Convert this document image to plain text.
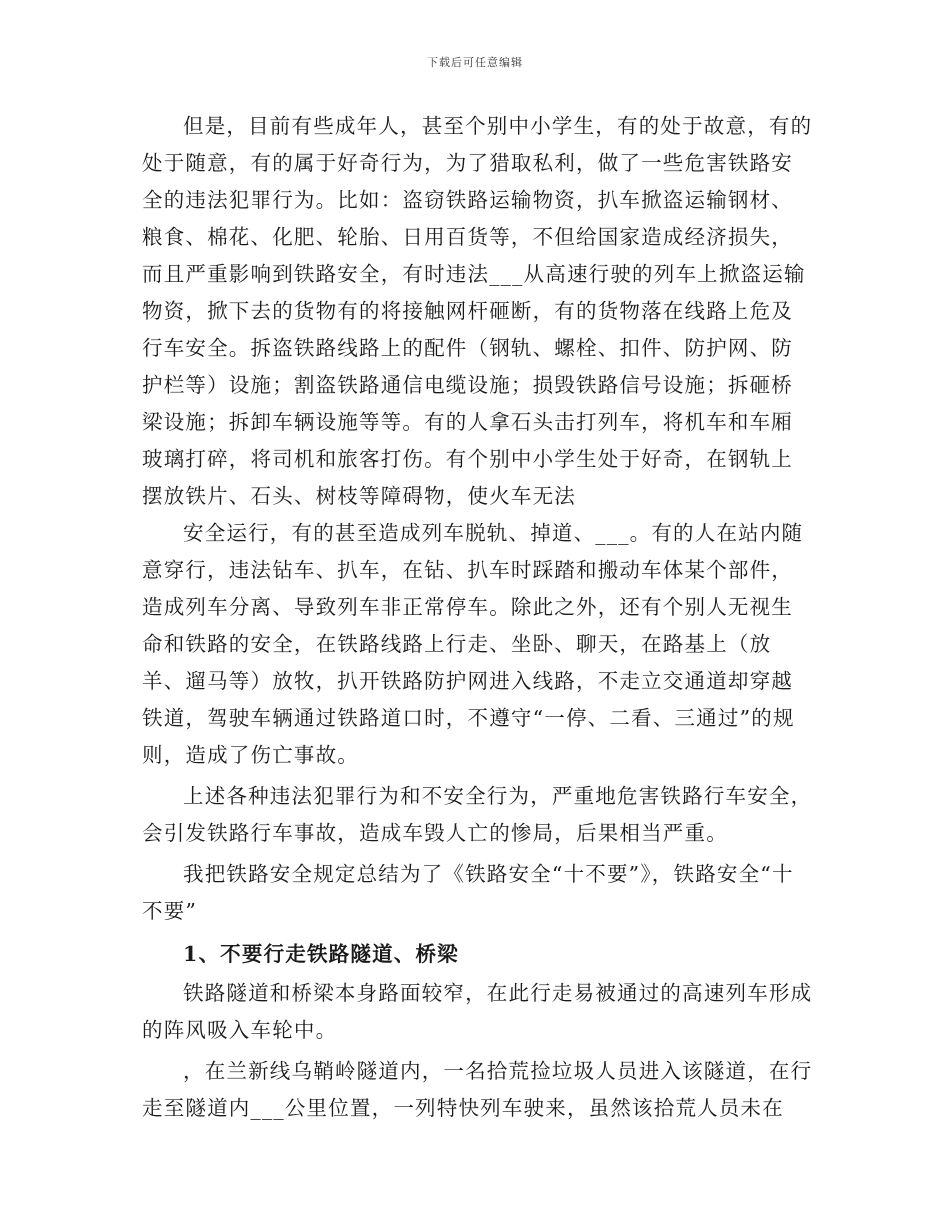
下载后可任意编辑

但是，目前有些成年人，甚至个别中小学生，有的处于故意，有的处于随意，有的属于好奇行为，为了猎取私利，做了一些危害铁路安全的违法犯罪行为。比如：盗窃铁路运输物资，扒车掀盗运输钢材、粮食、棉花、化肥、轮胎、日用百货等，不但给国家造成经济损失，而且严重影响到铁路安全，有时违法___从高速行驶的列车上掀盗运输物资，掀下去的货物有的将接触网杆砸断，有的货物落在线路上危及行车安全。拆盗铁路线路上的配件（钢轨、螺栓、扣件、防护网、防护栏等）设施；割盗铁路通信电缆设施；损毁铁路信号设施；拆砸桥梁设施；拆卸车辆设施等等。有的人拿石头击打列车，将机车和车厢玻璃打碎，将司机和旅客打伤。有个别中小学生处于好奇，在钢轨上摆放铁片、石头、树枝等障碍物，使火车无法

安全运行，有的甚至造成列车脱轨、掉道、___。有的人在站内随意穿行，违法钻车、扒车，在钻、扒车时踩踏和搬动车体某个部件，造成列车分离、导致列车非正常停车。除此之外，还有个别人无视生命和铁路的安全，在铁路线路上行走、坐卧、聊天，在路基上（放羊、遛马等）放牧，扒开铁路防护网进入线路，不走立交通道却穿越铁道，驾驶车辆通过铁路道口时，不遵守“一停、二看、三通过”的规则，造成了伤亡事故。

上述各种违法犯罪行为和不安全行为，严重地危害铁路行车安全，会引发铁路行车事故，造成车毁人亡的惨局，后果相当严重。

我把铁路安全规定总结为了《铁路安全“十不要”》，铁路安全“十不要”

1、不要行走铁路隧道、桥梁

铁路隧道和桥梁本身路面较窄，在此行走易被通过的高速列车形成的阵风吸入车轮中。

，在兰新线乌鞘岭隧道内，一名拾荒捡垃圾人员进入该隧道，在行走至隧道内___公里位置，一列特快列车驶来，虽然该拾荒人员未在
